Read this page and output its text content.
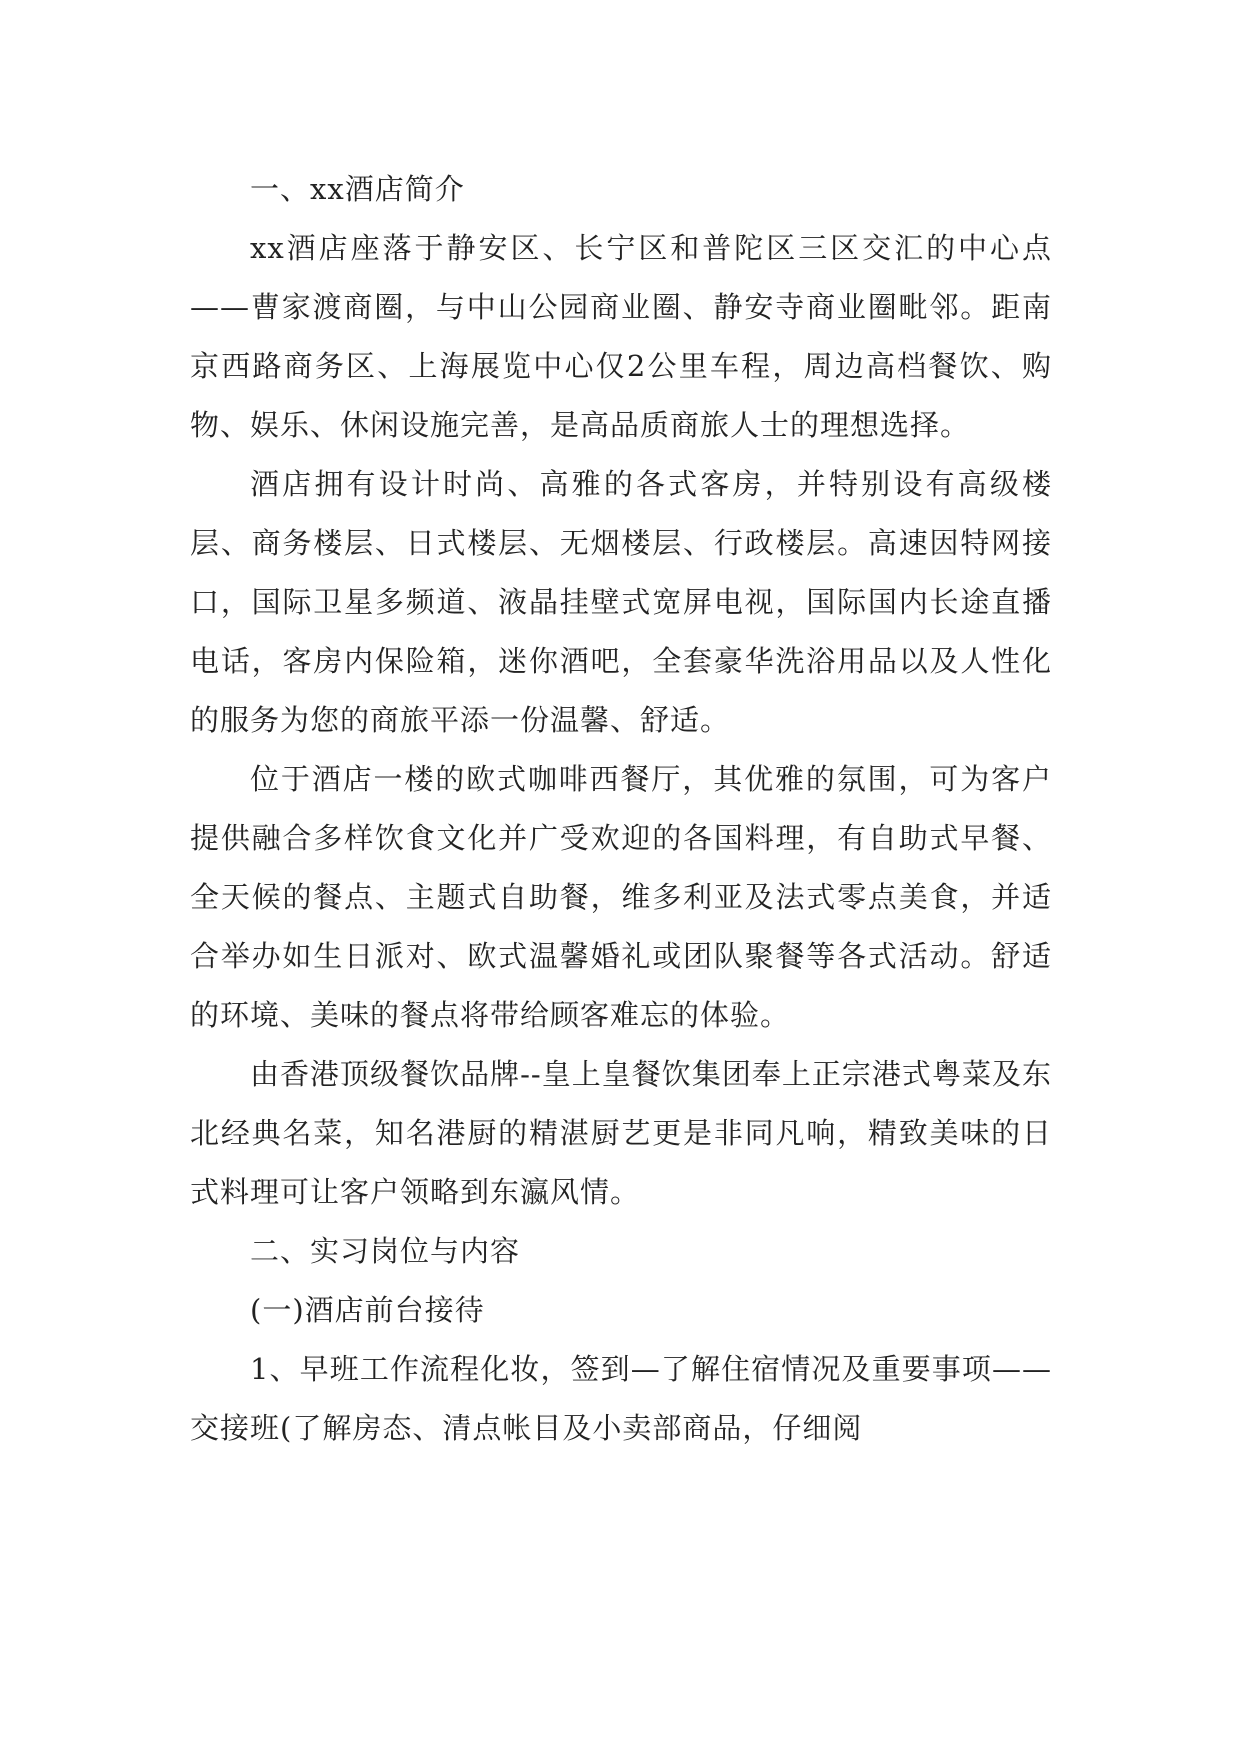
一、xx酒店简介

xx酒店座落于静安区、长宁区和普陀区三区交汇的中心点——曹家渡商圈，与中山公园商业圈、静安寺商业圈毗邻。距南京西路商务区、上海展览中心仅2公里车程，周边高档餐饮、购物、娱乐、休闲设施完善，是高品质商旅人士的理想选择。

酒店拥有设计时尚、高雅的各式客房，并特别设有高级楼层、商务楼层、日式楼层、无烟楼层、行政楼层。高速因特网接口，国际卫星多频道、液晶挂壁式宽屏电视，国际国内长途直播电话，客房内保险箱，迷你酒吧，全套豪华洗浴用品以及人性化的服务为您的商旅平添一份温馨、舒适。

位于酒店一楼的欧式咖啡西餐厅，其优雅的氛围，可为客户提供融合多样饮食文化并广受欢迎的各国料理，有自助式早餐、全天候的餐点、主题式自助餐，维多利亚及法式零点美食，并适合举办如生日派对、欧式温馨婚礼或团队聚餐等各式活动。舒适的环境、美味的餐点将带给顾客难忘的体验。

由香港顶级餐饮品牌--皇上皇餐饮集团奉上正宗港式粤菜及东北经典名菜，知名港厨的精湛厨艺更是非同凡响，精致美味的日式料理可让客户领略到东瀛风情。

二、实习岗位与内容

(一)酒店前台接待

1、早班工作流程化妆，签到—了解住宿情况及重要事项——交接班(了解房态、清点帐目及小卖部商品，仔细阅
